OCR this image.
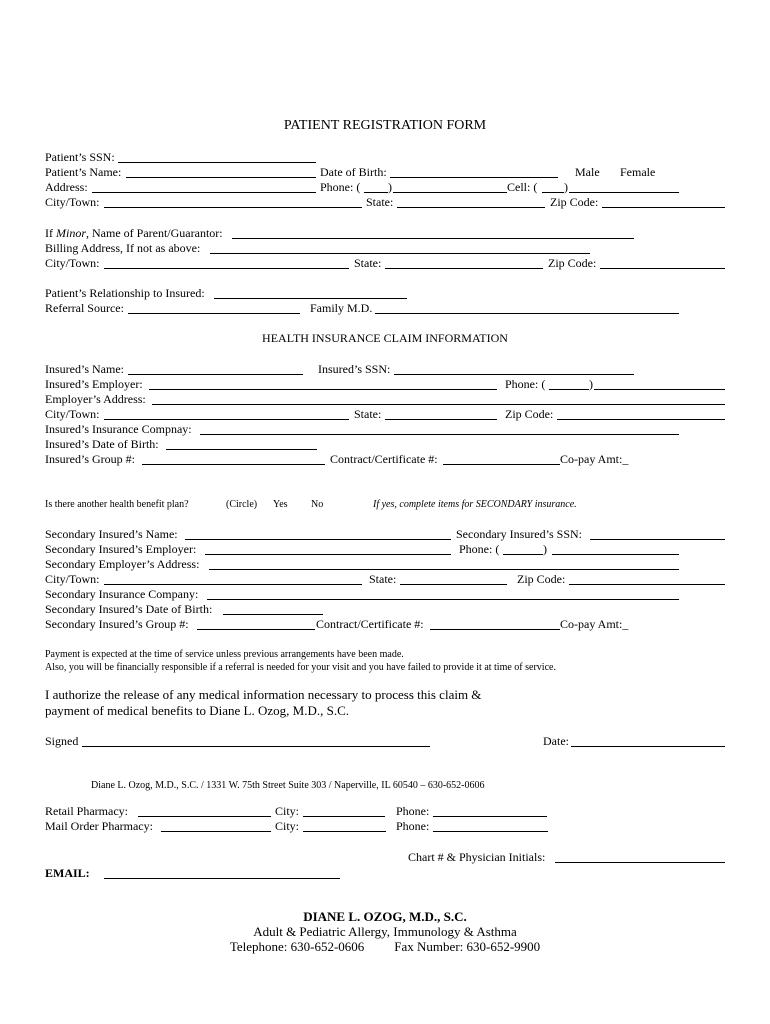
PATIENT REGISTRATION FORM
Patient’s SSN:
Patient’s Name:	Date of Birth:	Male Female
Address:	Phone: ( )	Cell: ( )
City/Town:	State:	Zip Code:
If Minor, Name of Parent/Guarantor:
Billing Address, If not as above:
City/Town:	State:	Zip Code:
Patient’s Relationship to Insured:
Referral Source:	Family M.D.
HEALTH INSURANCE CLAIM INFORMATION
Insured’s Name:	Insured’s SSN:
Insured’s Employer:	Phone: (	)
Employer’s Address:
City/Town:	State:	Zip Code:
Insured’s Insurance Compnay:
Insured’s Date of Birth:
Insured’s Group #:	Contract/Certificate #:	Co-pay Amt:_
Is there another health benefit plan?	(Circle) Yes No	If yes, complete items for SECONDARY insurance.
Secondary Insured’s Name:	Secondary Insured’s SSN:
Secondary Insured’s Employer:	Phone: (	)
Secondary Employer’s Address:
City/Town:	State:	Zip Code:
Secondary Insurance Company:
Secondary Insured’s Date of Birth:
Secondary Insured’s Group #:	Contract/Certificate #:	Co-pay Amt:_
Payment is expected at the time of service unless previous arrangements have been made.
Also, you will be financially responsible if a referral is needed for your visit and you have failed to provide it at time of service.
I authorize the release of any medical information necessary to process this claim &
payment of medical benefits to Diane L. Ozog, M.D., S.C.
Signed	Date:
Diane L. Ozog, M.D., S.C. / 1331 W. 75th Street Suite 303 / Naperville, IL 60540 – 630-652-0606
Retail Pharmacy:	City:	Phone:
Mail Order Pharmacy:	City:	Phone:
Chart # & Physician Initials:
EMAIL:
DIANE L. OZOG, M.D., S.C.
Adult & Pediatric Allergy, Immunology & Asthma
Telephone: 630-652-0606 Fax Number: 630-652-9900
